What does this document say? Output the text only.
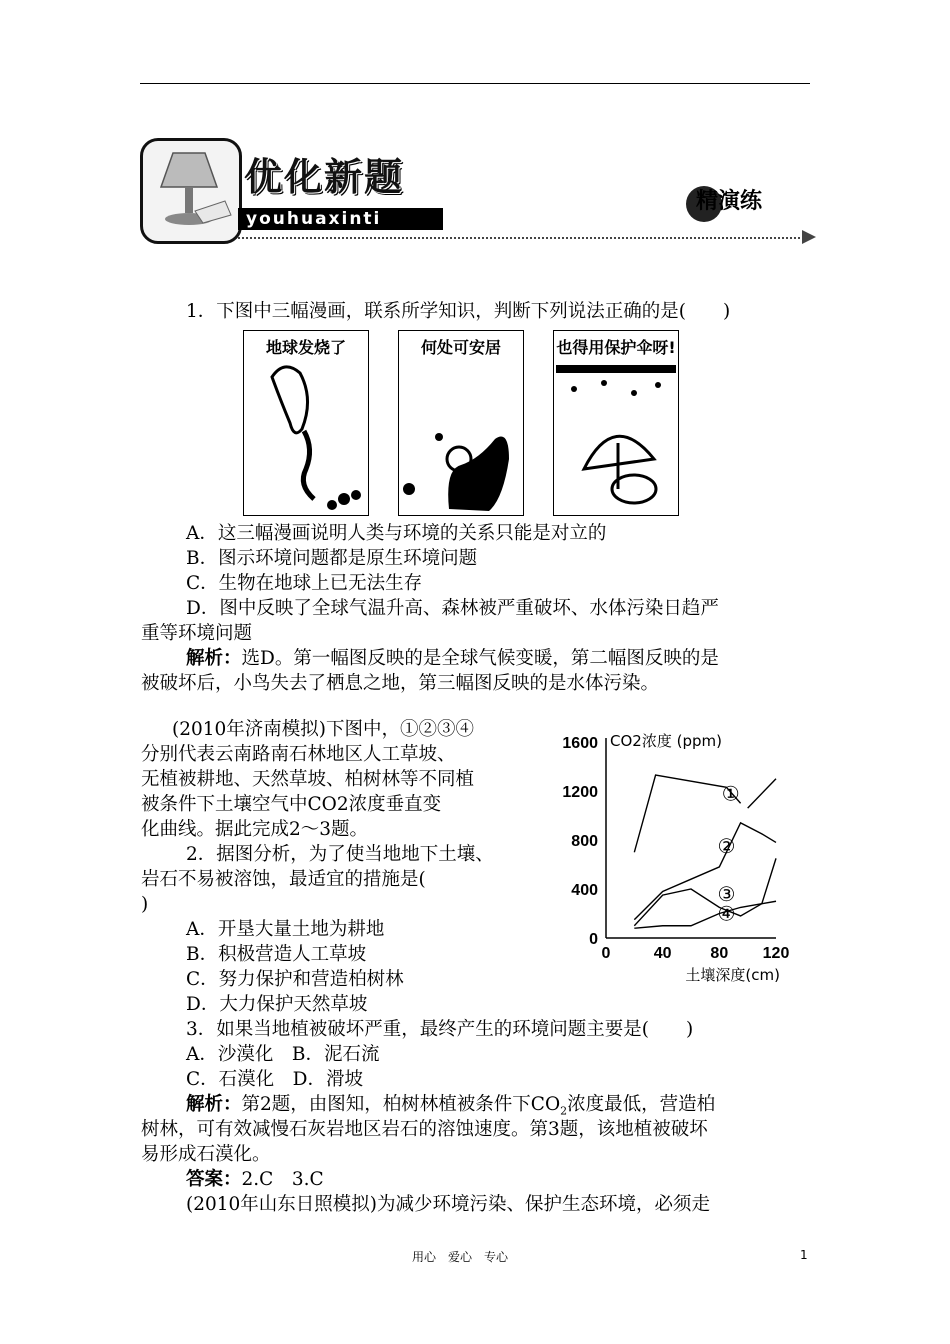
优化新题
youhuaxinti
精演练
1．下图中三幅漫画，联系所学知识，判断下列说法正确的是(　　)
地球发烧了	何处可安居	也得用保护伞呀!
A．这三幅漫画说明人类与环境的关系只能是对立的
B．图示环境问题都是原生环境问题
C．生物在地球上已无法生存
D．图中反映了全球气温升高、森林被严重破坏、水体污染日趋严
重等环境问题
解析：选D。第一幅图反映的是全球气候变暖，第二幅图反映的是
被破坏后，小鸟失去了栖息之地，第三幅图反映的是水体污染。
(2010年济南模拟)下图中，①②③④
分别代表云南路南石林地区人工草坡、
无植被耕地、天然草坡、柏树林等不同植
被条件下土壤空气中CO2浓度垂直变
化曲线。据此完成2～3题。
2．据图分析，为了使当地地下土壤、
岩石不易被溶蚀，最适宜的措施是(
)
A．开垦大量土地为耕地
B．积极营造人工草坡
C．努力保护和营造柏树林
D．大力保护天然草坡
3．如果当地植被破坏严重，最终产生的环境问题主要是(　　)
A．沙漠化　B．泥石流
C．石漠化　D．滑坡
解析：第2题，由图知，柏树林植被条件下$CO_2$浓度最低，营造柏
树林，可有效减慢石灰岩地区岩石的溶蚀速度。第3题，该地植被破坏
易形成石漠化。
答案：2.C　3.C
(2010年山东日照模拟)为减少环境污染、保护生态环境，必须走
0
400
800
1200
1600
0	40 80 120
CO2浓度 (ppm)
土壤深度(cm)
①
②
③
④
用心　爱心　专心	1
